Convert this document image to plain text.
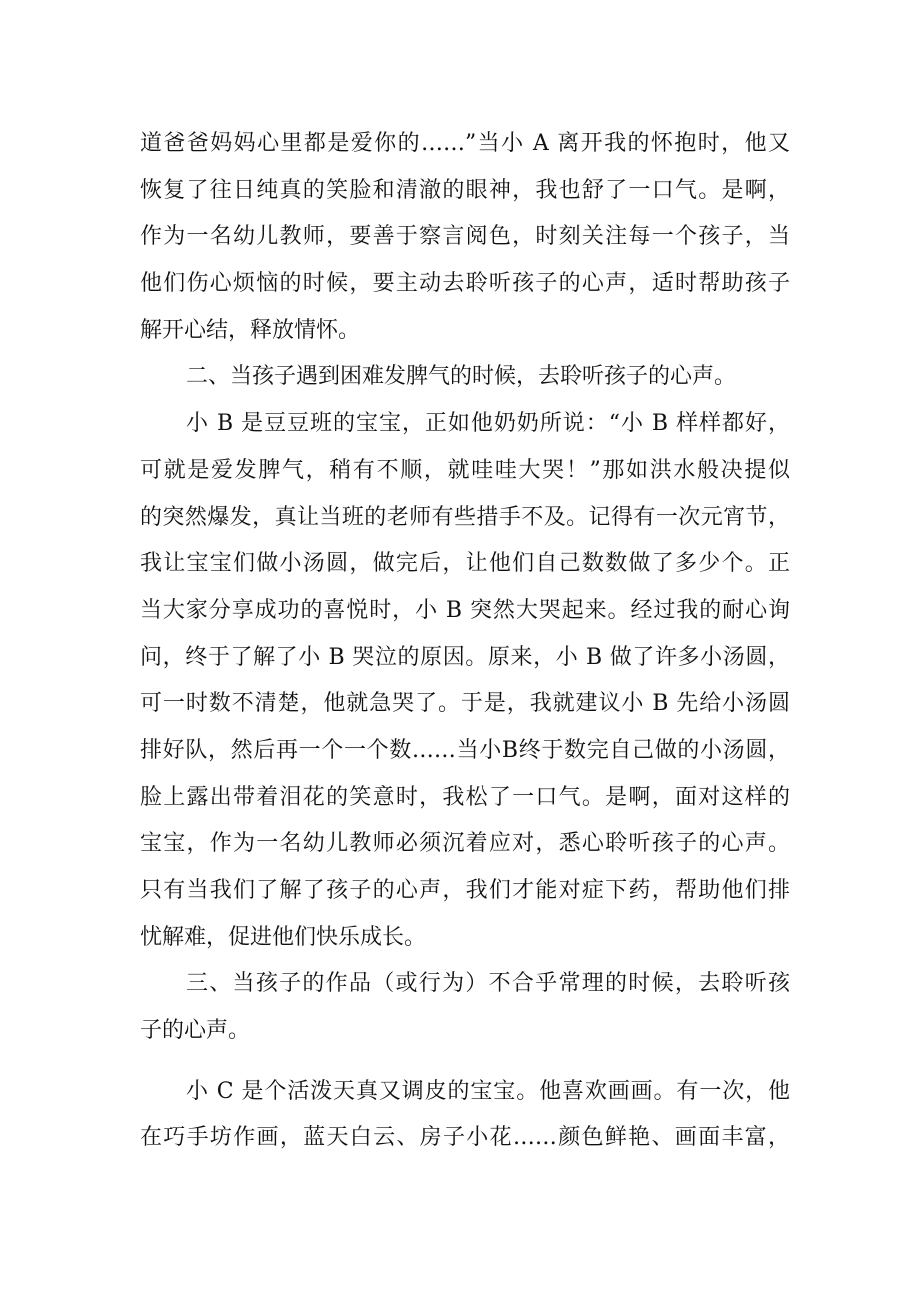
道爸爸妈妈心里都是爱你的……”当小 A 离开我的怀抱时，他又
恢复了往日纯真的笑脸和清澈的眼神，我也舒了一口气。是啊，
作为一名幼儿教师，要善于察言阅色，时刻关注每一个孩子，当
他们伤心烦恼的时候，要主动去聆听孩子的心声，适时帮助孩子
解开心结，释放情怀。
二、当孩子遇到困难发脾气的时候，去聆听孩子的心声。
小 B 是豆豆班的宝宝，正如他奶奶所说：“小 B 样样都好，
可就是爱发脾气，稍有不顺，就哇哇大哭！”那如洪水般决提似
的突然爆发，真让当班的老师有些措手不及。记得有一次元宵节，
我让宝宝们做小汤圆，做完后，让他们自己数数做了多少个。正
当大家分享成功的喜悦时，小 B 突然大哭起来。经过我的耐心询
问，终于了解了小 B 哭泣的原因。原来，小 B 做了许多小汤圆，
可一时数不清楚，他就急哭了。于是，我就建议小 B 先给小汤圆
排好队，然后再一个一个数……当小B终于数完自己做的小汤圆，
脸上露出带着泪花的笑意时，我松了一口气。是啊，面对这样的
宝宝，作为一名幼儿教师必须沉着应对，悉心聆听孩子的心声。
只有当我们了解了孩子的心声，我们才能对症下药，帮助他们排
忧解难，促进他们快乐成长。
三、当孩子的作品（或行为）不合乎常理的时候，去聆听孩
子的心声。
小 C 是个活泼天真又调皮的宝宝。他喜欢画画。有一次，他
在巧手坊作画，蓝天白云、房子小花……颜色鲜艳、画面丰富，
